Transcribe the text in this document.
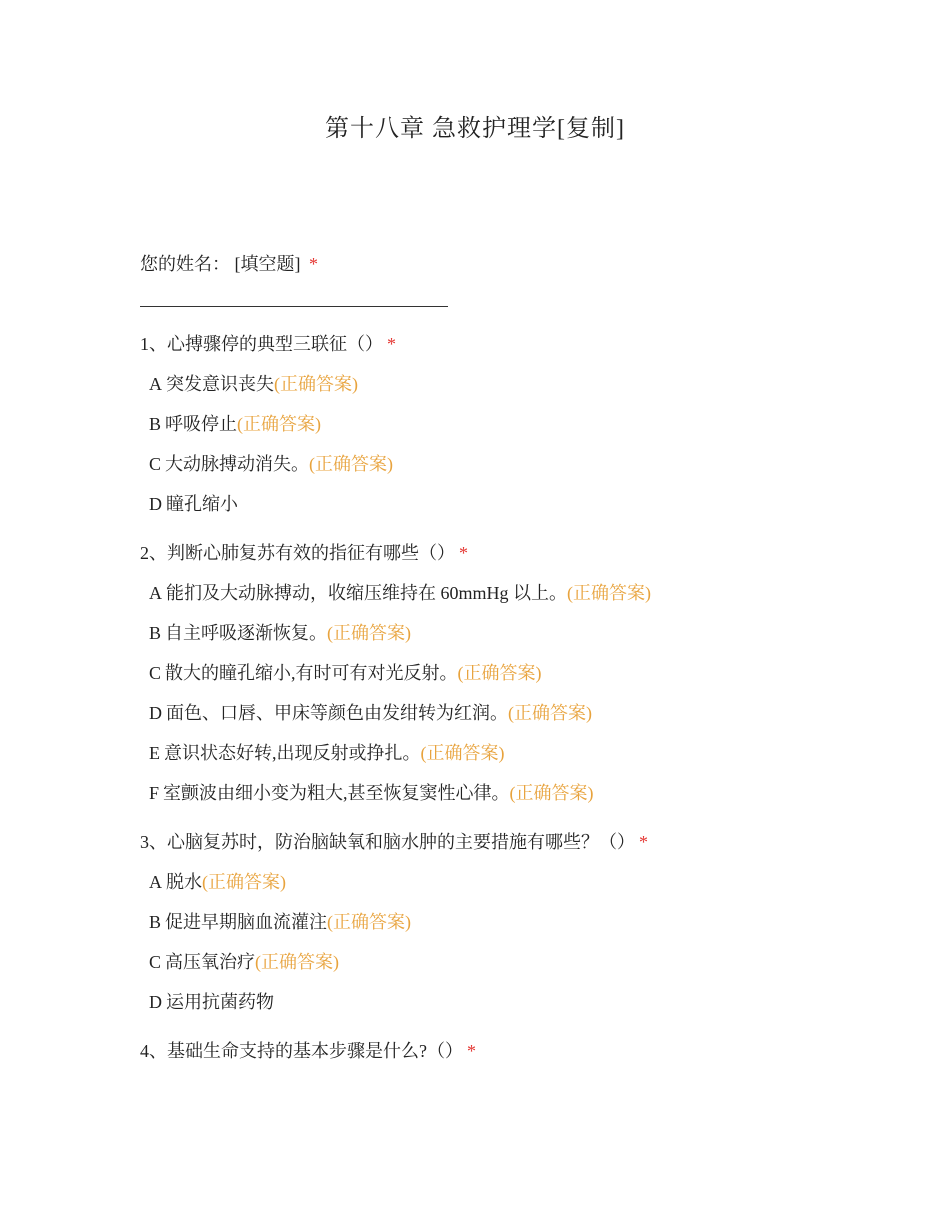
第十八章 急救护理学[复制]
您的姓名： [填空题] *
1、心搏骤停的典型三联征（） *
A 突发意识丧失(正确答案)
B 呼吸停止(正确答案)
C 大动脉搏动消失。(正确答案)
D 瞳孔缩小
2、判断心肺复苏有效的指征有哪些（） *
A 能扪及大动脉搏动，收缩压维持在 60mmHg 以上。(正确答案)
B 自主呼吸逐渐恢复。(正确答案)
C 散大的瞳孔缩小,有时可有对光反射。(正确答案)
D 面色、口唇、甲床等颜色由发绀转为红润。(正确答案)
E 意识状态好转,出现反射或挣扎。(正确答案)
F 室颤波由细小变为粗大,甚至恢复窦性心律。(正确答案)
3、心脑复苏时，防治脑缺氧和脑水肿的主要措施有哪些？（） *
A 脱水(正确答案)
B 促进早期脑血流灌注(正确答案)
C 高压氧治疗(正确答案)
D 运用抗菌药物
4、基础生命支持的基本步骤是什么?（） *
